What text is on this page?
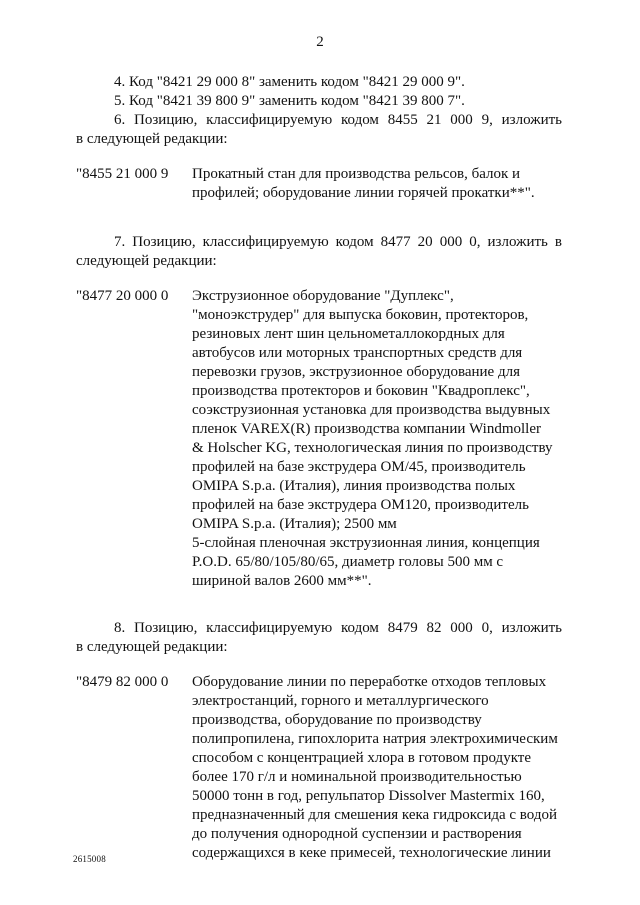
2
4. Код "8421 29 000 8" заменить кодом "8421 29 000 9".
5. Код "8421 39 800 9" заменить кодом "8421 39 800 7".
6. Позицию, классифицируемую кодом 8455 21 000 9, изложить
в следующей редакции:
"8455 21 000 9	Прокатный стан для производства рельсов, балок и
профилей; оборудование линии горячей прокатки**".
7. Позицию, классифицируемую кодом 8477 20 000 0, изложить в
следующей редакции:
"8477 20 000 0	Экструзионное оборудование "Дуплекс",
"моноэкструдер" для выпуска боковин, протекторов,
резиновых лент шин цельнометаллокордных для
автобусов или моторных транспортных средств для
перевозки грузов, экструзионное оборудование для
производства протекторов и боковин "Квадроплекс",
соэкструзионная установка для производства выдувных
пленок VAREX(R) производства компании Windmoller
& Holscher KG, технологическая линия по производству
профилей на базе экструдера ОМ/45, производитель
OMIPA S.p.a. (Италия), линия производства полых
профилей на базе экструдера ОМ120, производитель
OMIPA S.p.a. (Италия); 2500 мм
5-слойная пленочная экструзионная линия, концепция
P.O.D. 65/80/105/80/65, диаметр головы 500 мм с
шириной валов 2600 мм**".
8. Позицию, классифицируемую кодом 8479 82 000 0, изложить
в следующей редакции:
"8479 82 000 0	Оборудование линии по переработке отходов тепловых
электростанций, горного и металлургического
производства, оборудование по производству
полипропилена, гипохлорита натрия электрохимическим
способом с концентрацией хлора в готовом продукте
более 170 г/л и номинальной производительностью
50000 тонн в год, репульпатор Dissolver Mastermix 160,
предназначенный для смешения кека гидроксида с водой
до получения однородной суспензии и растворения
содержащихся в кеке примесей, технологические линии
2615008
